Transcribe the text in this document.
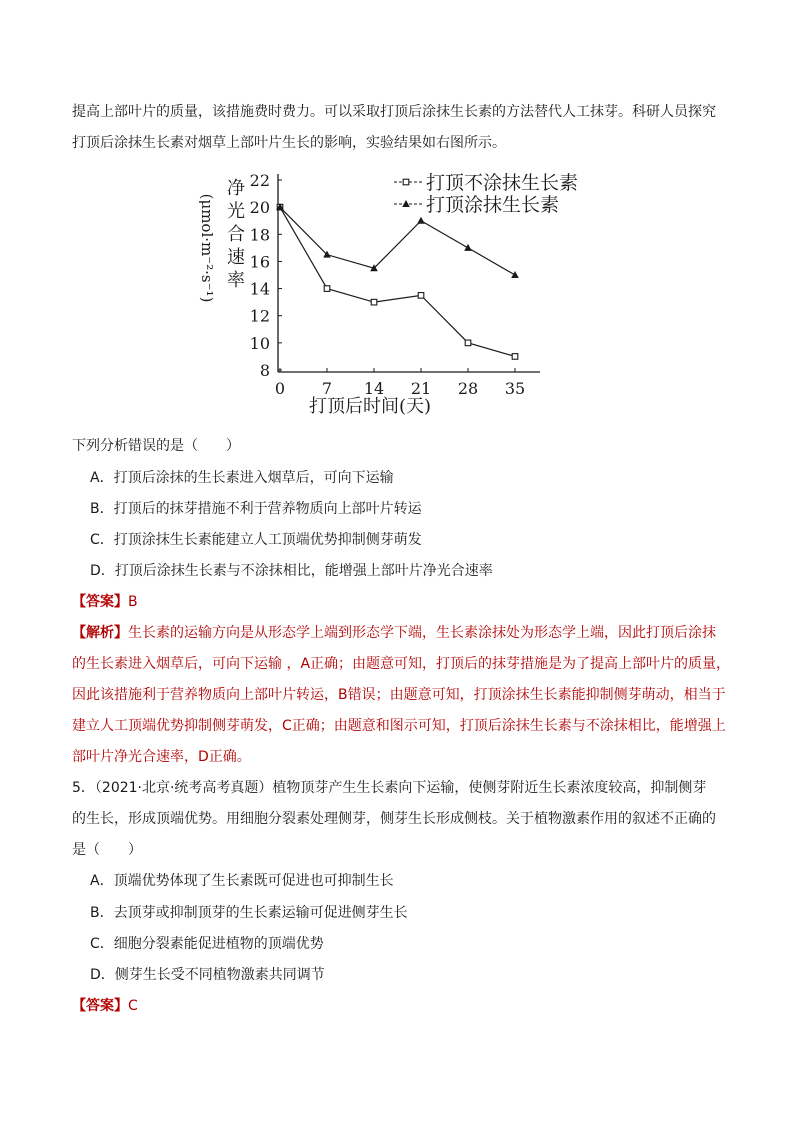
提高上部叶片的质量，该措施费时费力。可以采取打顶后涂抹生长素的方法替代人工抹芽。科研人员探究
打顶后涂抹生长素对烟草上部叶片生长的影响，实验结果如右图所示。
(μmol·m⁻²·s⁻¹)
净光合速率
8
10
12
14
16
18
20
22
0 7 14 21 28 35
打顶不涂抹生长素
打顶涂抹生长素
打顶后时间(天)
下列分析错误的是（　　）
A．打顶后涂抹的生长素进入烟草后，可向下运输
B．打顶后的抹芽措施不利于营养物质向上部叶片转运
C．打顶涂抹生长素能建立人工顶端优势抑制侧芽萌发
D．打顶后涂抹生长素与不涂抹相比，能增强上部叶片净光合速率
【答案】B
【解析】生长素的运输方向是从形态学上端到形态学下端，生长素涂抹处为形态学上端，因此打顶后涂抹
的生长素进入烟草后，可向下运输 ，A正确；由题意可知，打顶后的抹芽措施是为了提高上部叶片的质量，
因此该措施利于营养物质向上部叶片转运，B错误；由题意可知，打顶涂抹生长素能抑制侧芽萌动，相当于
建立人工顶端优势抑制侧芽萌发，C正确；由题意和图示可知，打顶后涂抹生长素与不涂抹相比，能增强上
部叶片净光合速率，D正确。
5．（2021·北京·统考高考真题）植物顶芽产生生长素向下运输，使侧芽附近生长素浓度较高，抑制侧芽
的生长，形成顶端优势。用细胞分裂素处理侧芽，侧芽生长形成侧枝。关于植物激素作用的叙述不正确的
是（　　）
A．顶端优势体现了生长素既可促进也可抑制生长
B．去顶芽或抑制顶芽的生长素运输可促进侧芽生长
C．细胞分裂素能促进植物的顶端优势
D．侧芽生长受不同植物激素共同调节
【答案】C
